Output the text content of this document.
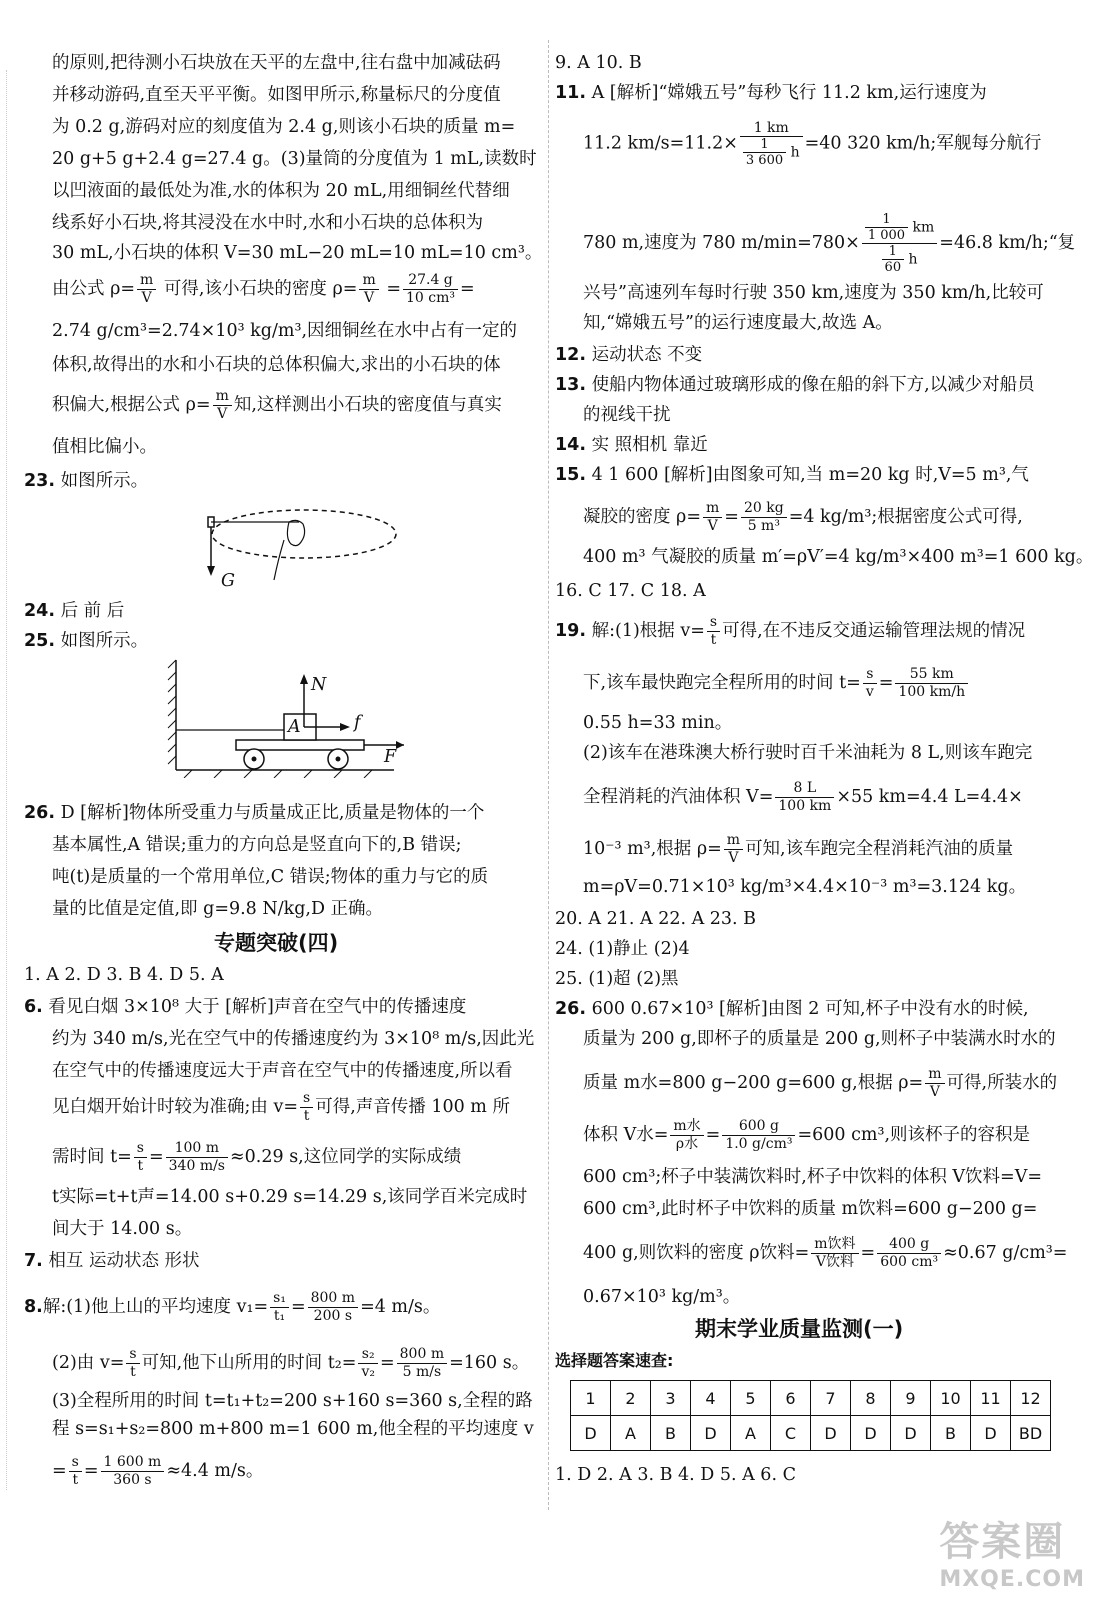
的原则,把待测小石块放在天平的左盘中,往右盘中加减砝码
并移动游码,直至天平平衡。如图甲所示,称量标尺的分度值
为 0.2 g,游码对应的刻度值为 2.4 g,则该小石块的质量 m=
20 g+5 g+2.4 g=27.4 g。(3)量筒的分度值为 1 mL,读数时
以凹液面的最低处为准,水的体积为 20 mL,用细铜丝代替细
线系好小石块,将其浸没在水中时,水和小石块的总体积为
30 mL,小石块的体积 V=30 mL−20 mL=10 mL=10 cm³。
由公式 $\rho= \frac{m}{V}$ 可得,该小石块的密度 $\rho= \frac{m}{V} = \frac{27.4 g}{\text{10 cm³}}$ =
2.74 g/cm³=2.74×10³ kg/m³,因细铜丝在水中占有一定的
体积,故得出的水和小石块的总体积偏大,求出的小石块的体
积偏大,根据公式 $\rho= \frac{m}{V}$ 知,这样测出小石块的密度值与真实
值相比偏小。
23. 如图所示。
G
24. 后 前 后
25. 如图所示。
N
A	f
F
26. D [解析]物体所受重力与质量成正比,质量是物体的一个
基本属性,A 错误;重力的方向总是竖直向下的,B 错误;
吨(t)是质量的一个常用单位,C 错误;物体的重力与它的质
量的比值是定值,即 g=9.8 N/kg,D 正确。
专题突破(四)
1. A 2. D 3. B 4. D 5. A
6. 看见白烟 3×10⁸ 大于 [解析]声音在空气中的传播速度
约为 340 m/s,光在空气中的传播速度约为 3×10⁸ m/s,因此光
在空气中的传播速度远大于声音在空气中的传播速度,所以看
见白烟开始计时较为准确;由 $v= \frac{s}{t}$ 可得,声音传播 100 m 所
需时间 $t= \frac{s}{t} = \frac{100 m}{340 m/s} \approx 0.29$ s,这位同学的实际成绩
t实际=t+t声=14.00 s+0.29 s=14.29 s,该同学百米完成时
间大于 14.00 s。
7. 相互 运动状态 形状
8.解:(1)他上山的平均速度 $v_1= \frac{\text{s₁}}{\text{t₁}} = \frac{800 m}{200 s} =4$ m/s。
(2)由 $v= \frac{s}{t}$ 可知,他下山所用的时间 $t_2= \frac{\text{s₂}}{\text{v₂}} = \frac{800 m}{5 m/s} =160$ s。
(3)全程所用的时间 t=t₁+t₂=200 s+160 s=360 s,全程的路
程 s=s₁+s₂=800 m+800 m=1 600 m,他全程的平均速度 v
= $\frac{s}{t} = \frac{1 600 m}{360 s} \approx 4.4$ m/s。
9. A 10. B
11. A [解析]“嫦娥五号”每秒飞行 11.2 km,运行速度为
11.2 $km/s=11.2\times \frac{1 km}{\frac{1}{3 600} h} =40$ 320 km/h;军舰每分航行
780 m,速度为 780 $m/\min=780\times \frac{\frac{1}{1 000} km}{\frac{1}{60} h} =46.8$ km/h;“复
兴号”高速列车每时行驶 350 km,速度为 350 km/h,比较可
知,“嫦娥五号”的运行速度最大,故选 A。
12. 运动状态 不变
13. 使船内物体通过玻璃形成的像在船的斜下方,以减少对船员
的视线干扰
14. 实 照相机 靠近
15. 4 1 600 [解析]由图象可知,当 m=20 kg 时,V=5 m³,气
凝胶的密度 $\rho= \frac{m}{V} = \frac{20 kg}{\text{5 m³}} =4$ kg/m³;根据密度公式可得,
400 m³ 气凝胶的质量 m′=ρV′=4 kg/m³×400 m³=1 600 kg。
16. C 17. C 18. A
19. 解:(1)根据 $v= \frac{s}{t}$ 可得,在不违反交通运输管理法规的情况
下,该车最快跑完全程所用的时间 $t= \frac{s}{v} = \frac{55 km}{100 km/h}$
0.55 h=33 min。
(2)该车在港珠澳大桥行驶时百千米油耗为 8 L,则该车跑完
全程消耗的汽油体积 $V= \frac{8 L}{100 km} \times 55$ km=4.4 L=4.4×
10⁻³ m³,根据 $\rho= \frac{m}{V}$ 可知,该车跑完全程消耗汽油的质量
m=ρV=0.71×10³ kg/m³×4.4×10⁻³ m³=3.124 kg。
20. A 21. A 22. A 23. B
24. (1)静止 (2)4
25. (1)超 (2)黑
26. 600 0.67×10³ [解析]由图 2 可知,杯子中没有水的时候,
质量为 200 g,即杯子的质量是 200 g,则杯子中装满水时水的
质量 m水=800 g−200 g=600 g,根据 $\rho= \frac{m}{V}$ 可得,所装水的
体积 V水= $\frac{\text{m水}}{\text{ρ水}} = \frac{600 g}{\text{1.0 g/cm³}} =600$ cm³,则该杯子的容积是
600 cm³;杯子中装满饮料时,杯子中饮料的体积 V饮料=V=
600 cm³,此时杯子中饮料的质量 m饮料=600 g−200 g=
400 g,则饮料的密度 ρ饮料= $\frac{\text{m饮料}}{\text{V饮料}} = \frac{400 g}{\text{600 cm³}} \approx 0.67$ g/cm³=
0.67×10³ kg/m³。
期末学业质量监测(一)
选择题答案速查:
1. D 2. A 3. B 4. D 5. A 6. C
1	2	3	4	5	6	7	8	9	10	11	12
D	A	B	D	A	C	D	D	D	B	D	BD
答案圈
MXQE.COM
